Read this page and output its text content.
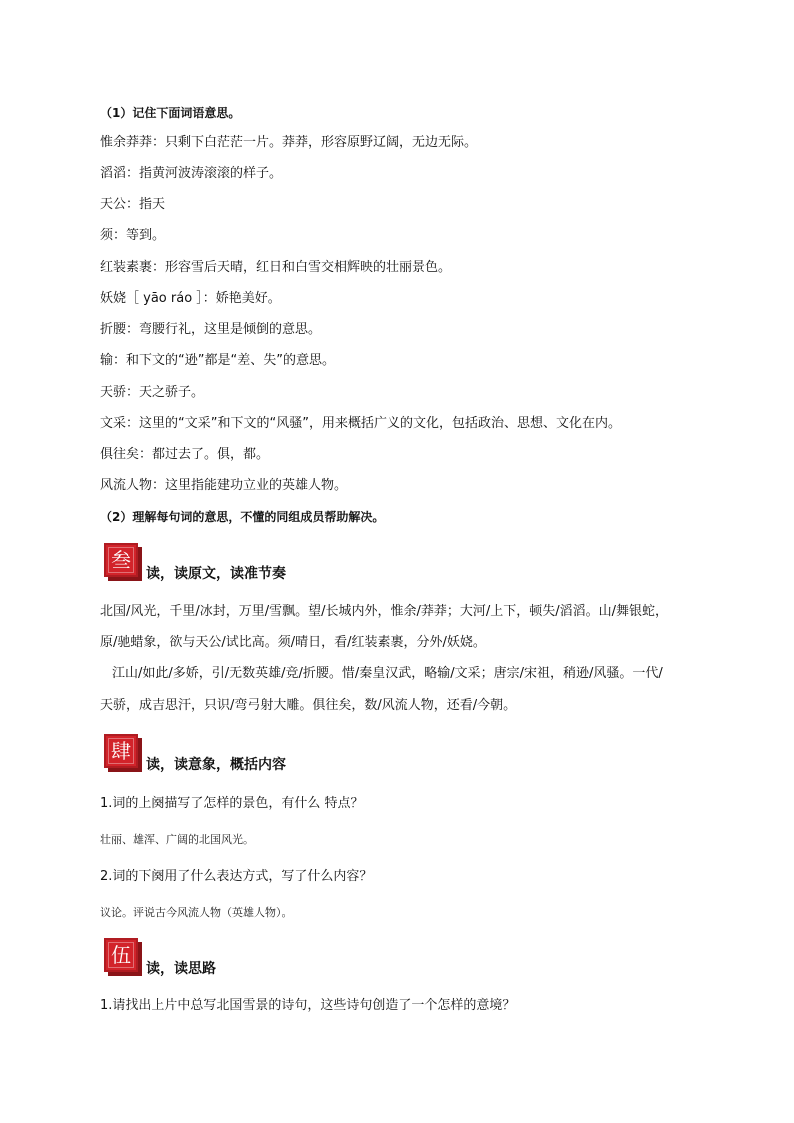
（1）记住下面词语意思。
惟余莽莽：只剩下白茫茫一片。莽莽，形容原野辽阔，无边无际。
滔滔：指黄河波涛滚滚的样子。
天公：指天
须：等到。
红装素裹：形容雪后天晴，红日和白雪交相辉映的壮丽景色。
妖娆［ yāo ráo ］：娇艳美好。
折腰：弯腰行礼，这里是倾倒的意思。
输：和下文的“逊”都是“差、失”的意思。
天骄：天之骄子。
文采：这里的“文采”和下文的“风骚”，用来概括广义的文化，包括政治、思想、文化在内。
俱往矣：都过去了。俱，都。
风流人物：这里指能建功立业的英雄人物。
（2）理解每句词的意思，不懂的同组成员帮助解决。
叁
读，读原文，读准节奏
北国/风光，千里/冰封，万里/雪飘。望/长城内外，惟余/莽莽；大河/上下，顿失/滔滔。山/舞银蛇，
原/驰蜡象，欲与天公/试比高。须/晴日，看/红装素裹，分外/妖娆。
江山/如此/多娇，引/无数英雄/竞/折腰。惜/秦皇汉武，略输/文采；唐宗/宋祖，稍逊/风骚。一代/
天骄，成吉思汗，只识/弯弓射大雕。俱往矣，数/风流人物，还看/今朝。
肆
读，读意象，概括内容
1.词的上阕描写了怎样的景色，有什么 特点？
壮丽、雄浑、广阔的北国风光。
2.词的下阕用了什么表达方式，写了什么内容？
议论。评说古今风流人物（英雄人物）。
伍
读，读思路
1.请找出上片中总写北国雪景的诗句，这些诗句创造了一个怎样的意境？
